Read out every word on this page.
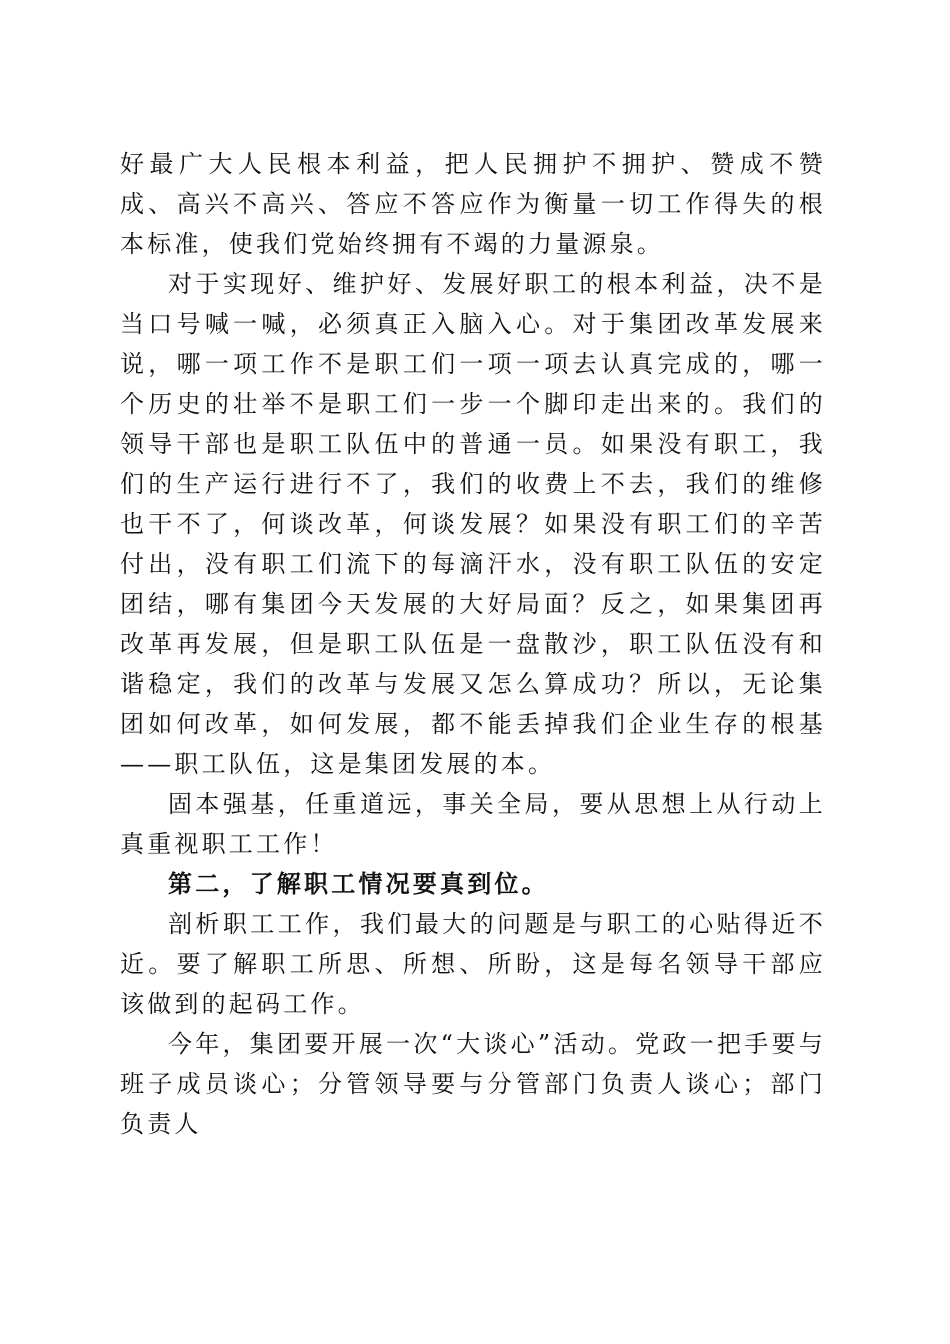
好最广大人民根本利益，把人民拥护不拥护、赞成不赞成、高兴不高兴、答应不答应作为衡量一切工作得失的根本标准，使我们党始终拥有不竭的力量源泉。

对于实现好、维护好、发展好职工的根本利益，决不是当口号喊一喊，必须真正入脑入心。对于集团改革发展来说，哪一项工作不是职工们一项一项去认真完成的，哪一个历史的壮举不是职工们一步一个脚印走出来的。我们的领导干部也是职工队伍中的普通一员。如果没有职工，我们的生产运行进行不了，我们的收费上不去，我们的维修也干不了，何谈改革，何谈发展？如果没有职工们的辛苦付出，没有职工们流下的每滴汗水，没有职工队伍的安定团结，哪有集团今天发展的大好局面？反之，如果集团再改革再发展，但是职工队伍是一盘散沙，职工队伍没有和谐稳定，我们的改革与发展又怎么算成功？所以，无论集团如何改革，如何发展，都不能丢掉我们企业生存的根基——职工队伍，这是集团发展的本。

固本强基，任重道远，事关全局，要从思想上从行动上真重视职工工作！

第二，了解职工情况要真到位。

剖析职工工作，我们最大的问题是与职工的心贴得近不近。要了解职工所思、所想、所盼，这是每名领导干部应该做到的起码工作。

今年，集团要开展一次“大谈心”活动。党政一把手要与班子成员谈心；分管领导要与分管部门负责人谈心；部门负责人
